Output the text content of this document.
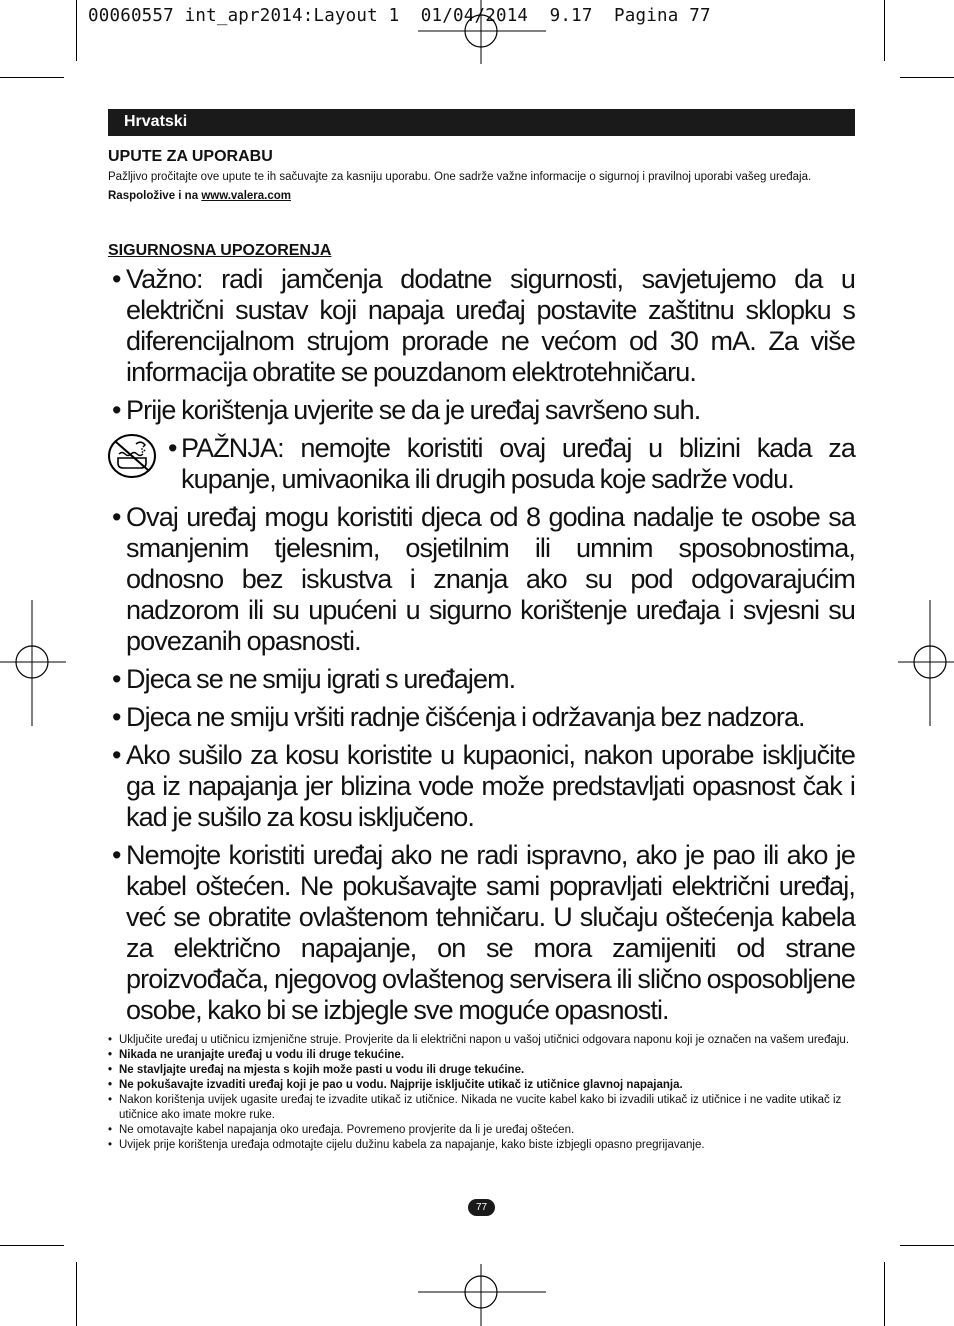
00060557 int_apr2014:Layout 1  01/04/2014  9.17  Pagina 77
Hrvatski

UPUTE ZA UPORABU

Pažljivo pročitajte ove upute te ih sačuvajte za kasniju uporabu. One sadrže važne informacije o sigurnoj i pravilnoj uporabi vašeg uređaja.

Raspoložive i na www.valera.com

SIGURNOSNA UPOZORENJA

• Važno: radi jamčenja dodatne sigurnosti, savjetujemo da u električni sustav koji napaja uređaj postavite zaštitnu sklopku s diferencijalnom strujom prorade ne većom od 30 mA. Za više informacija obratite se pouzdanom elektrotehničaru.
• Prije korištenja uvjerite se da je uređaj savršeno suh.
• PAŽNJA: nemojte koristiti ovaj uređaj u blizini kada za kupanje, umivaonika ili drugih posuda koje sadrže vodu.
• Ovaj uređaj mogu koristiti djeca od 8 godina nadalje te osobe sa smanjenim tjelesnim, osjetilnim ili umnim sposobnostima, odnosno bez iskustva i znanja ako su pod odgovarajućim nadzorom ili su upućeni u sigurno korištenje uređaja i svjesni su povezanih opasnosti.
• Djeca se ne smiju igrati s uređajem.
• Djeca ne smiju vršiti radnje čišćenja i održavanja bez nadzora.
• Ako sušilo za kosu koristite u kupaonici, nakon uporabe isključite ga iz napajanja jer blizina vode može predstavljati opasnost čak i kad je sušilo za kosu isključeno.
• Nemojte koristiti uređaj ako ne radi ispravno, ako je pao ili ako je kabel oštećen. Ne pokušavajte sami popravljati električni uređaj, već se obratite ovlaštenom tehničaru. U slučaju oštećenja kabela za električno napajanje, on se mora zamijeniti od strane proizvođača, njegovog ovlaštenog servisera ili slično osposobljene osobe, kako bi se izbjegle sve moguće opasnosti.
• Uključite uređaj u utičnicu izmjenične struje. Provjerite da li električni napon u vašoj utičnici odgovara naponu koji je označen na vašem uređaju.
• Nikada ne uranjajte uređaj u vodu ili druge tekućine.
• Ne stavljajte uređaj na mjesta s kojih može pasti u vodu ili druge tekućine.
• Ne pokušavajte izvaditi uređaj koji je pao u vodu. Najprije isključite utikač iz utičnice glavnoj napajanja.
• Nakon korištenja uvijek ugasite uređaj te izvadite utikač iz utičnice. Nikada ne vucite kabel kako bi izvadili utikač iz utičnice i ne vadite utikač iz utičnice ako imate mokre ruke.
• Ne omotavajte kabel napajanja oko uređaja. Povremeno provjerite da li je uređaj oštećen.
• Uvijek prije korištenja uređaja odmotajte cijelu dužinu kabela za napajanje, kako biste izbjegli opasno pregrijavanje.
77
